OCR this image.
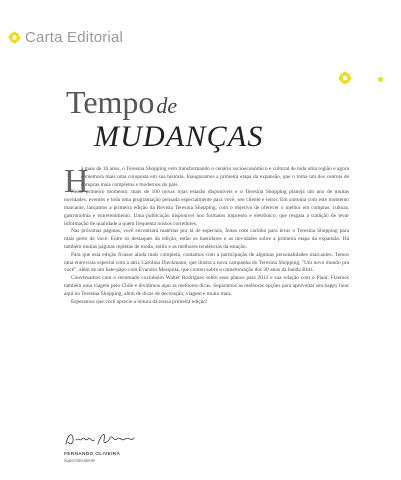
Carta Editorial
Tempode
MUDANÇAS
H

á mais de 16 anos, o Teresina Shopping vem transformando o cenário socioeconômico e cultural de toda uma região e agora comemora mais uma conquista em sua história. Inauguramos a primeira etapa da expansão, que o torna um dos centros de compras mais completos e modernos do país.

Neste primeiro momento, mais de 100 novas lojas estarão disponíveis e o Teresina Shopping planeja um ano de muitas novidades, eventos e toda uma programação pensada especialmente para você, seu cliente e leitor. Em sintonia com este momento marcante, lançamos a primeira edição da Revista Teresina Shopping, com o objetivo de oferecer o melhor em compras, cultura, gastronomia e entretenimento. Uma publicação disponível nos formatos impresso e eletrônico, que resgata a tradição de levar informação de qualidade a quem frequenta nossos corredores.

Nas próximas páginas, você encontrará matérias por lá de especiais, feitas com carinho para levar o Teresina Shopping para mais perto de você. Entre os destaques da edição, estão os bastidores e as novidades sobre a primeira etapa da expansão. Há também muitas páginas repletas de moda, estilo e as melhores tendências da estação.

Para que esta edição ficasse ainda mais completa, contamos com a participação de algumas personalidades marcantes. Temos uma entrevista especial com a atriz Carolina Dieckmann, que ilustra a nova campanha do Teresina Shopping, "Um novo mundo pra você", além de um bate-papo com Evandro Mesquita, que contou sobre a comemoração dos 30 anos da banda Blitz.

Conversamos com o renomado cozinheiro Walter Rodrigues sobre seus planos para 2013 e sua relação com o Piauí. Fizemos também uma viagem pelo Chile e dividimos aqui as melhores dicas. Separamos as melhores opções para aproveitar seu happy hour aqui no Teresina Shopping, além de dicas de decoração, viagem e muito mais.

Esperamos que você aprecie a leitura da nossa primeira edição!

FERNANDO OLIVEIRA
Superintendente
